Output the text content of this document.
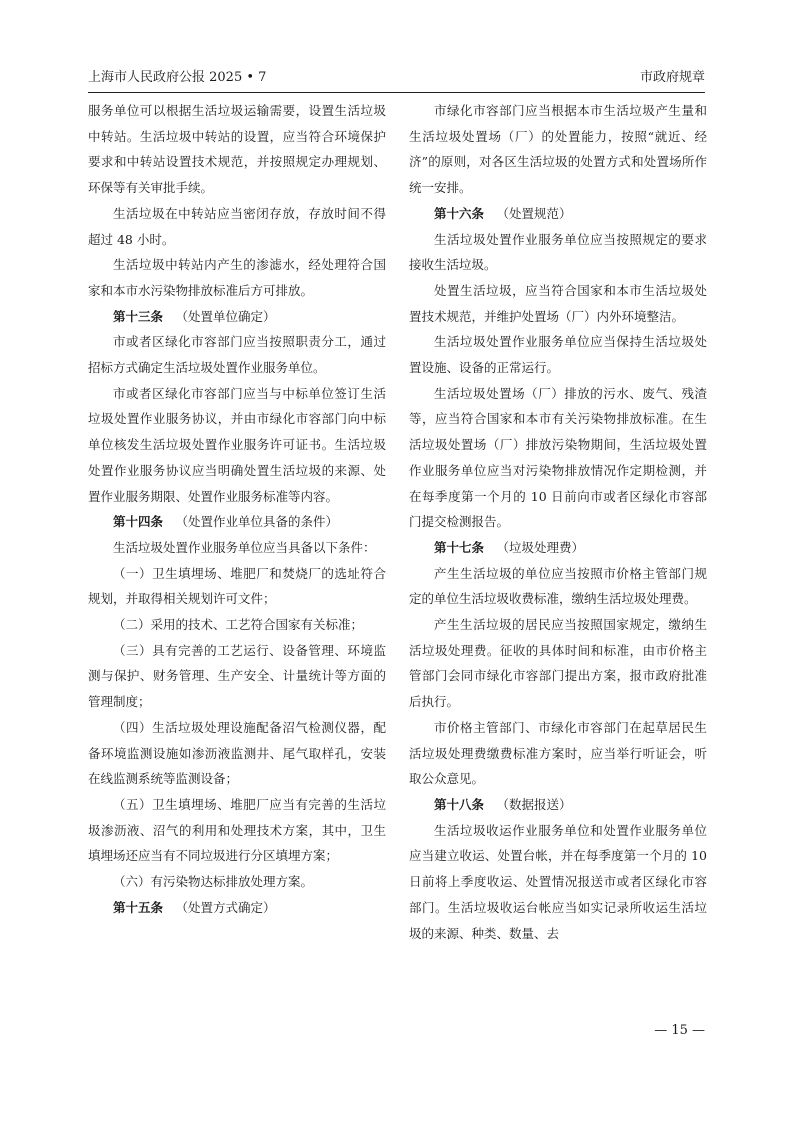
上海市人民政府公报 2025 • 7	市政府规章

服务单位可以根据生活垃圾运输需要，设置生活垃圾中转站。生活垃圾中转站的设置，应当符合环境保护要求和中转站设置技术规范，并按照规定办理规划、环保等有关审批手续。

生活垃圾在中转站应当密闭存放，存放时间不得超过 48 小时。

生活垃圾中转站内产生的渗滤水，经处理符合国家和本市水污染物排放标准后方可排放。

第十三条 （处置单位确定）

市或者区绿化市容部门应当按照职责分工，通过招标方式确定生活垃圾处置作业服务单位。

市或者区绿化市容部门应当与中标单位签订生活垃圾处置作业服务协议，并由市绿化市容部门向中标单位核发生活垃圾处置作业服务许可证书。生活垃圾处置作业服务协议应当明确处置生活垃圾的来源、处置作业服务期限、处置作业服务标准等内容。

第十四条 （处置作业单位具备的条件）

生活垃圾处置作业服务单位应当具备以下条件：

（一）卫生填埋场、堆肥厂和焚烧厂的选址符合规划，并取得相关规划许可文件；

（二）采用的技术、工艺符合国家有关标准；

（三）具有完善的工艺运行、设备管理、环境监测与保护、财务管理、生产安全、计量统计等方面的管理制度；

（四）生活垃圾处理设施配备沼气检测仪器，配备环境监测设施如渗沥液监测井、尾气取样孔，安装在线监测系统等监测设备；

（五）卫生填埋场、堆肥厂应当有完善的生活垃圾渗沥液、沼气的利用和处理技术方案，其中，卫生填埋场还应当有不同垃圾进行分区填埋方案；

（六）有污染物达标排放处理方案。

第十五条 （处置方式确定）

市绿化市容部门应当根据本市生活垃圾产生量和生活垃圾处置场（厂）的处置能力，按照“就近、经济”的原则，对各区生活垃圾的处置方式和处置场所作统一安排。

第十六条 （处置规范）

生活垃圾处置作业服务单位应当按照规定的要求接收生活垃圾。

处置生活垃圾，应当符合国家和本市生活垃圾处置技术规范，并维护处置场（厂）内外环境整洁。

生活垃圾处置作业服务单位应当保持生活垃圾处置设施、设备的正常运行。

生活垃圾处置场（厂）排放的污水、废气、残渣等，应当符合国家和本市有关污染物排放标准。在生活垃圾处置场（厂）排放污染物期间，生活垃圾处置作业服务单位应当对污染物排放情况作定期检测，并在每季度第一个月的 10 日前向市或者区绿化市容部门提交检测报告。

第十七条 （垃圾处理费）

产生生活垃圾的单位应当按照市价格主管部门规定的单位生活垃圾收费标准，缴纳生活垃圾处理费。

产生生活垃圾的居民应当按照国家规定，缴纳生活垃圾处理费。征收的具体时间和标准，由市价格主管部门会同市绿化市容部门提出方案，报市政府批准后执行。

市价格主管部门、市绿化市容部门在起草居民生活垃圾处理费缴费标准方案时，应当举行听证会，听取公众意见。

第十八条 （数据报送）

生活垃圾收运作业服务单位和处置作业服务单位应当建立收运、处置台帐，并在每季度第一个月的 10 日前将上季度收运、处置情况报送市或者区绿化市容部门。生活垃圾收运台帐应当如实记录所收运生活垃圾的来源、种类、数量、去

— 15 —
